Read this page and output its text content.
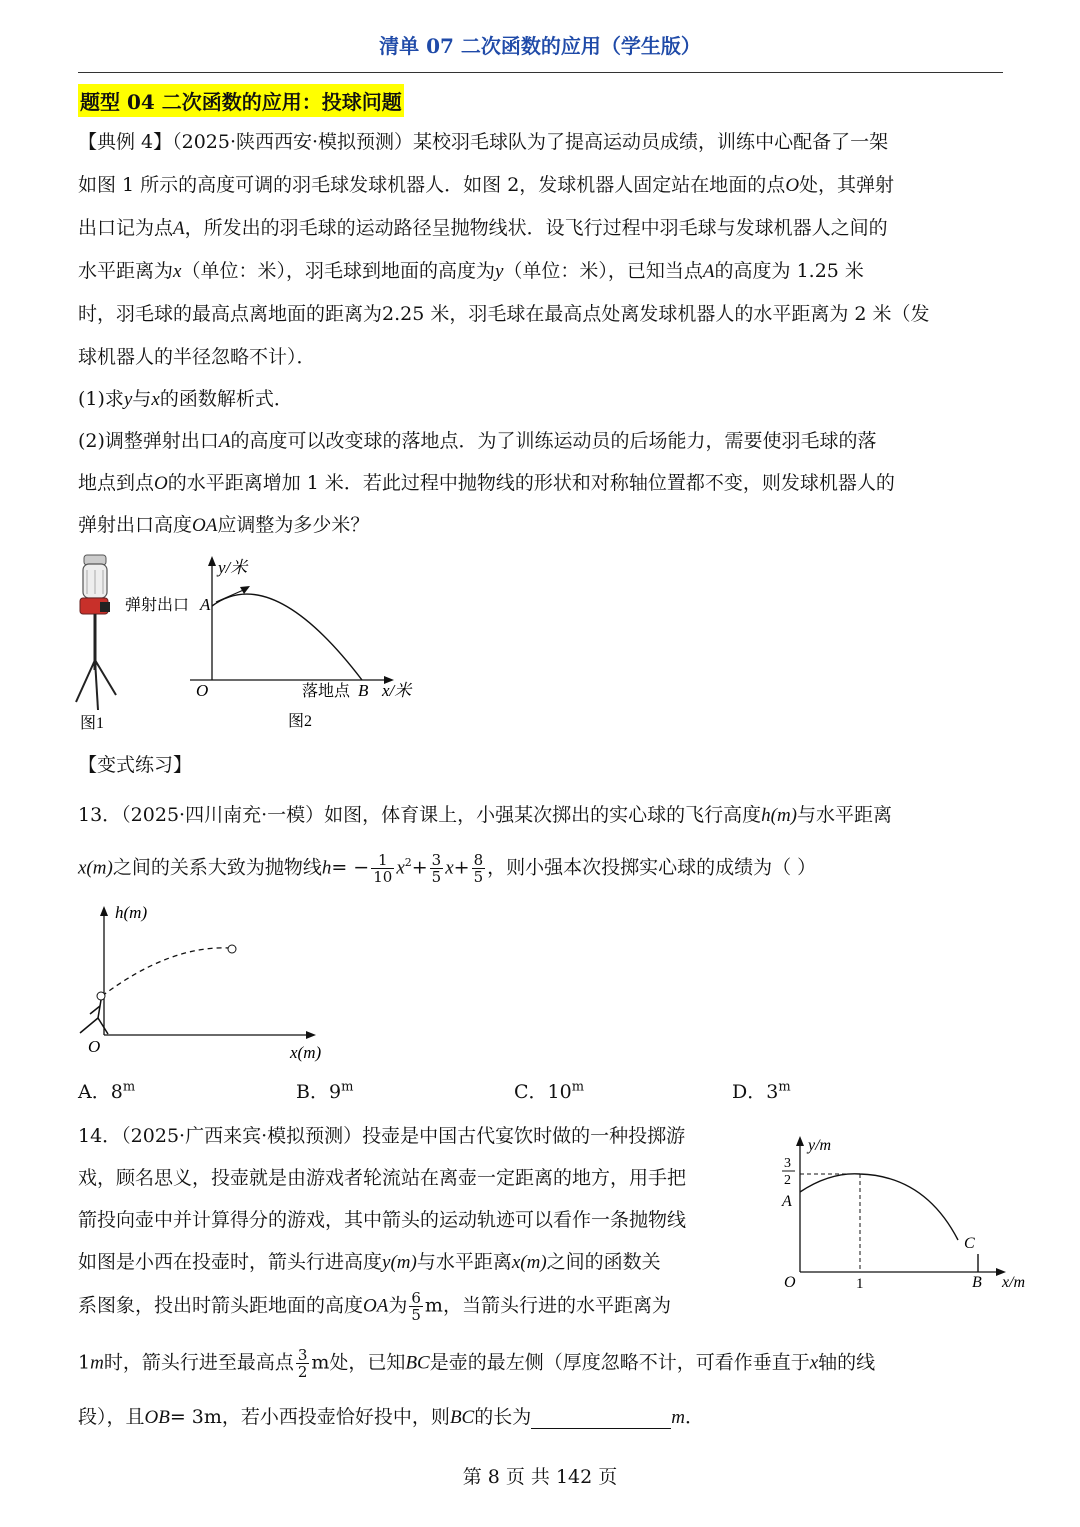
清单 07 二次函数的应用（学生版）
题型 04 二次函数的应用：投球问题
【典例 4】（2025·陕西西安·模拟预测）某校羽毛球队为了提高运动员成绩，训练中心配备了一架
如图 1 所示的高度可调的羽毛球发球机器人．如图 2，发球机器人固定站在地面的点O处，其弹射
出口记为点A，所发出的羽毛球的运动路径呈抛物线状．设飞行过程中羽毛球与发球机器人之间的
水平距离为x（单位：米），羽毛球到地面的高度为y（单位：米），已知当点A的高度为 1.25 米
时，羽毛球的最高点离地面的距离为2.25 米，羽毛球在最高点处离发球机器人的水平距离为 2 米（发
球机器人的半径忽略不计）．
(1)求y与x的函数解析式．
(2)调整弹射出口A的高度可以改变球的落地点．为了训练运动员的后场能力，需要使羽毛球的落
地点到点O的水平距离增加 1 米．若此过程中抛物线的形状和对称轴位置都不变，则发球机器人的
弹射出口高度OA应调整为多少米？
图1
y/米
A
弹射出口
O	落地点 B x/米
图2
【变式练习】
13．（2025·四川南充·一模）如图，体育课上，小强某次掷出的实心球的飞行高度h(m)与水平距离
x(m)之间的关系大致为抛物线$h= - \frac{1}{10} x^2+ \frac{3}{5} x+ \frac{8}{5}$ ，则小强本次投掷实心球的成绩为（ ）
h(m)
O	x(m)
A．8$^m$	B．9$^m$	C．10$^m$	D．3$^m$
14．（2025·广西来宾·模拟预测）投壶是中国古代宴饮时做的一种投掷游
戏，顾名思义，投壶就是由游戏者轮流站在离壶一定距离的地方，用手把
箭投向壶中并计算得分的游戏，其中箭头的运动轨迹可以看作一条抛物线
如图是小西在投壶时，箭头行进高度y(m)与水平距离x(m)之间的函数关
系图象，投出时箭头距地面的高度OA为 $\frac{6}{5}$ m，当箭头行进的水平距离为
1m时，箭头行进至最高点 $\frac{3}{2}$ m处，已知BC是壶的最左侧（厚度忽略不计，可看作垂直于x轴的线
段），且OB= 3m，若小西投壶恰好投中，则BC的长为	m．
y/m
3
2
A
C
O	1	B x/m
第 8 页 共 142 页
